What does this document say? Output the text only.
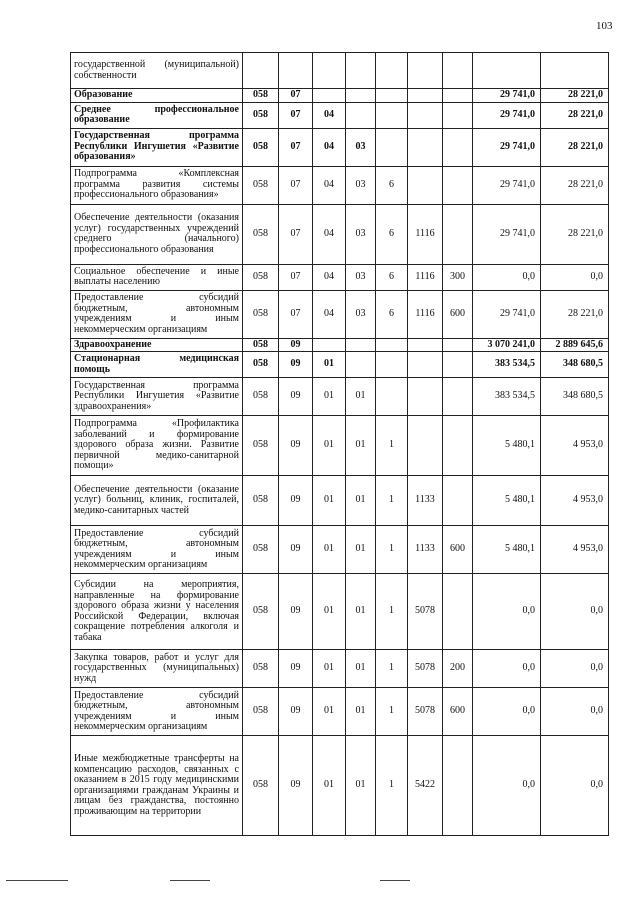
103
государственной (муниципальной) собственности									
Образование	058	07						29 741,0	28 221,0
Среднее профессиональное образование	058	07	04					29 741,0	28 221,0
Государственная программа Республики Ингушетия «Развитие образования»	058	07	04	03				29 741,0	28 221,0
Подпрограмма «Комплексная программа развития системы профессионального образования»	058	07	04	03	6			29 741,0	28 221,0
Обеспечение деятельности (оказания услуг) государственных учреждений среднего (начального) профессионального образования	058	07	04	03	6	1116		29 741,0	28 221,0
Социальное обеспечение и иные выплаты населению	058	07	04	03	6	1116	300	0,0	0,0
Предоставление субсидий бюджетным, автономным учреждениям и иным некоммерческим организациям	058	07	04	03	6	1116	600	29 741,0	28 221,0
Здравоохранение	058	09						3 070 241,0	2 889 645,6
Стационарная медицинская помощь	058	09	01					383 534,5	348 680,5
Государственная программа Республики Ингушетия «Развитие здравоохранения»	058	09	01	01				383 534,5	348 680,5
Подпрограмма «Профилактика заболеваний и формирование здорового образа жизни. Развитие первичной медико-санитарной помощи»	058	09	01	01	1			5 480,1	4 953,0
Обеспечение деятельности (оказание услуг) больниц, клиник, госпиталей, медико-санитарных частей	058	09	01	01	1	1133		5 480,1	4 953,0
Предоставление субсидий бюджетным, автономным учреждениям и иным некоммерческим организациям	058	09	01	01	1	1133	600	5 480,1	4 953,0
Субсидии на мероприятия, направленные на формирование здорового образа жизни у населения Российской Федерации, включая сокращение потребления алкоголя и табака	058	09	01	01	1	5078		0,0	0,0
Закупка товаров, работ и услуг для государственных (муниципальных) нужд	058	09	01	01	1	5078	200	0,0	0,0
Предоставление субсидий бюджетным, автономным учреждениям и иным некоммерческим организациям	058	09	01	01	1	5078	600	0,0	0,0
Иные межбюджетные трансферты на компенсацию расходов, связанных с оказанием в 2015 году медицинскими организациями гражданам Украины и лицам без гражданства, постоянно проживающим на территории	058	09	01	01	1	5422		0,0	0,0
